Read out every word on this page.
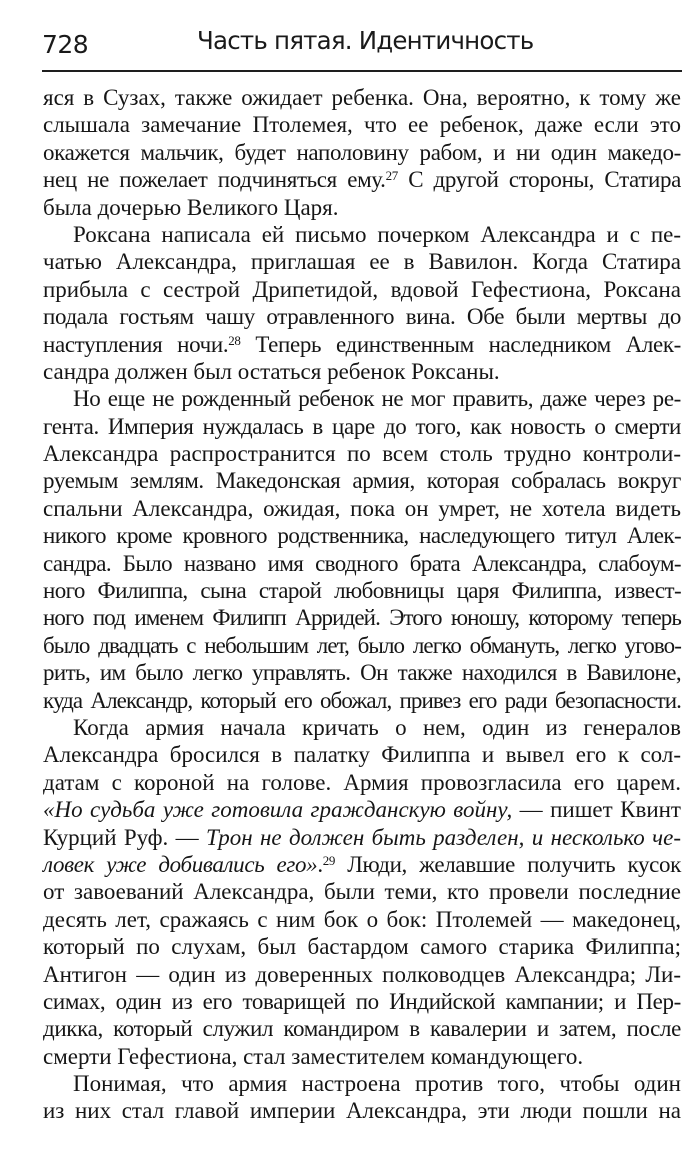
728	Часть пятая. Идентичность
яся в Сузах, также ожидает ребенка. Она, вероятно, к тому же
слышала замечание Птолемея, что ее ребенок, даже если это
окажется мальчик, будет наполовину рабом, и ни один македо-
нец не пожелает подчиняться ему.$^{27}$ С другой стороны, Статира
была дочерью Великого Царя.
Роксана написала ей письмо почерком Александра и с пе-
чатью Александра, приглашая ее в Вавилон. Когда Статира
прибыла с сестрой Дрипетидой, вдовой Гефестиона, Роксана
подала гостьям чашу отравленного вина. Обе были мертвы до
наступления ночи.$^{28}$ Теперь единственным наследником Алек-
сандра должен был остаться ребенок Роксаны.
Но еще не рожденный ребенок не мог править, даже через ре-
гента. Империя нуждалась в царе до того, как новость о смерти
Александра распространится по всем столь трудно контроли-
руемым землям. Македонская армия, которая собралась вокруг
спальни Александра, ожидая, пока он умрет, не хотела видеть
никого кроме кровного родственника, наследующего титул Алек-
сандра. Было названо имя сводного брата Александра, слабоум-
ного Филиппа, сына старой любовницы царя Филиппа, извест-
ного под именем Филипп Арридей. Этого юношу, которому теперь
было двадцать с небольшим лет, было легко обмануть, легко угово-
рить, им было легко управлять. Он также находился в Вавилоне,
куда Александр, который его обожал, привез его ради безопасности.
Когда армия начала кричать о нем, один из генералов
Александра бросился в палатку Филиппа и вывел его к сол-
датам с короной на голове. Армия провозгласила его царем.
«Но судьба уже готовила гражданскую войну, — пишет Квинт
Курций Руф. — Трон не должен быть разделен, и несколько че-
ловек уже добивались его».$^{29}$ Люди, желавшие получить кусок
от завоеваний Александра, были теми, кто провели последние
десять лет, сражаясь с ним бок о бок: Птолемей — македонец,
который по слухам, был бастардом самого старика Филиппа;
Антигон — один из доверенных полководцев Александра; Ли-
симах, один из его товарищей по Индийской кампании; и Пер-
дикка, который служил командиром в кавалерии и затем, после
смерти Гефестиона, стал заместителем командующего.
Понимая, что армия настроена против того, чтобы один
из них стал главой империи Александра, эти люди пошли на
